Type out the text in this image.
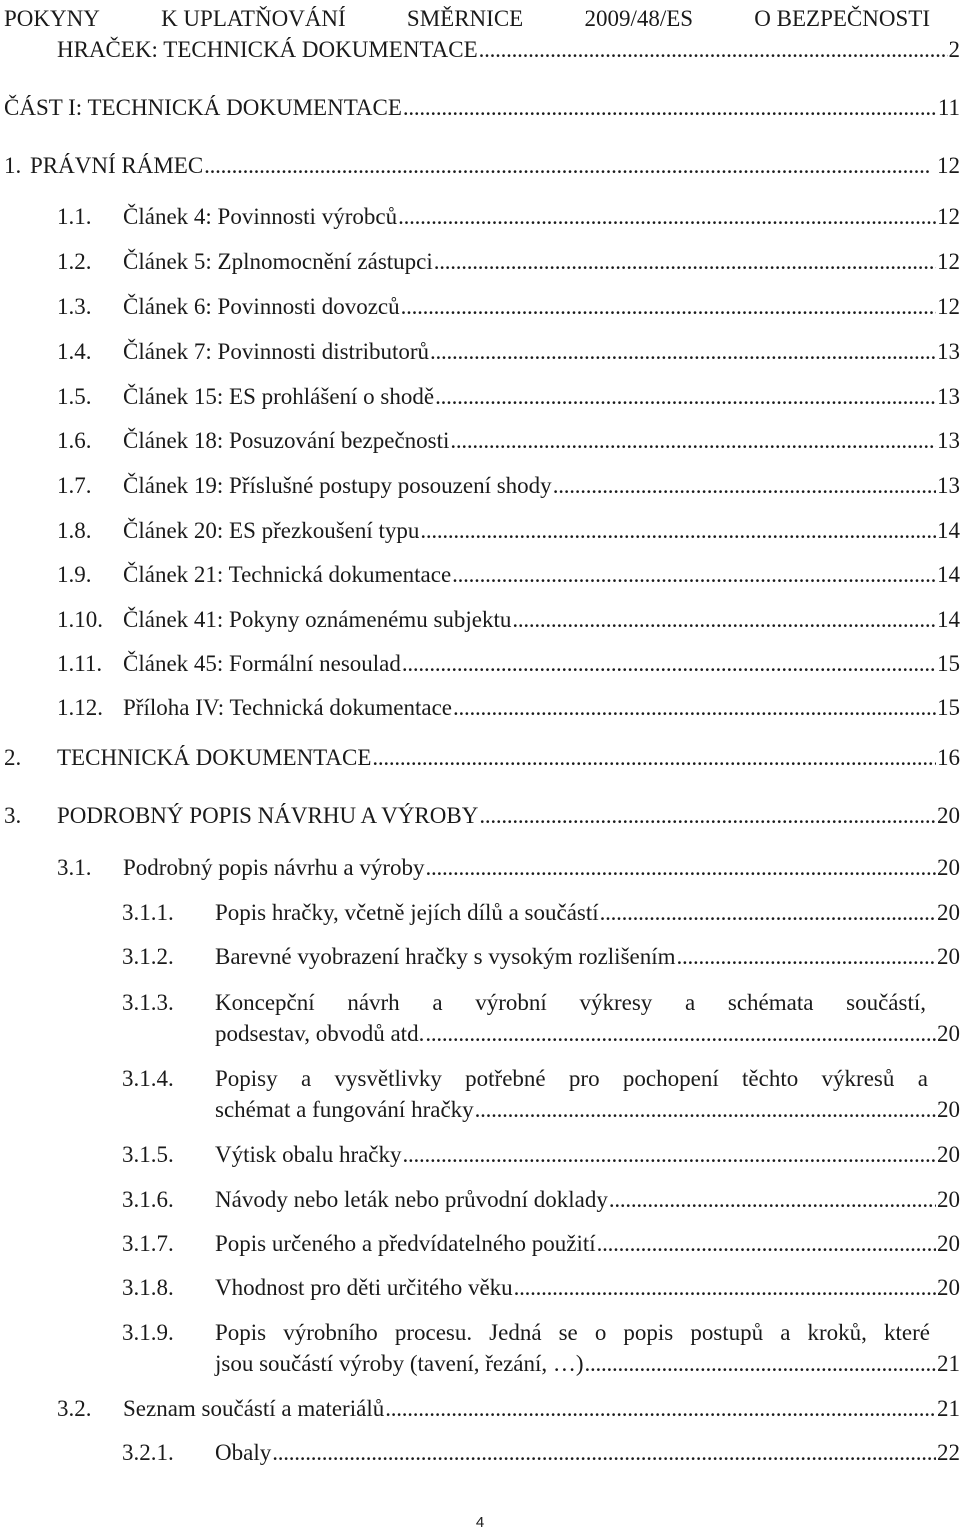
POKYNY	K UPLATŇOVÁNÍ	SMĚRNICE	2009/48/ES	O BEZPEČNOSTI
HRAČEK: TECHNICKÁ DOKUMENTACE . . .	2
ČÁST I: TECHNICKÁ DOKUMENTACE . . .	11
1. PRÁVNÍ RÁMEC . . .	12
1.1.	Článek 4: Povinnosti výrobců . . .	12
1.2.	Článek 5: Zplnomocnění zástupci . . .	12
1.3.	Článek 6: Povinnosti dovozců . . .	12
1.4.	Článek 7: Povinnosti distributorů . . .	13
1.5.	Článek 15: ES prohlášení o shodě . . .	13
1.6.	Článek 18: Posuzování bezpečnosti . . .	13
1.7.	Článek 19: Příslušné postupy posouzení shody . . .	13
1.8.	Článek 20: ES přezkoušení typu . . .	14
1.9.	Článek 21: Technická dokumentace . . .	14
1.10. Článek 41: Pokyny oznámenému subjektu . . .	14
1.11. Článek 45: Formální nesoulad . . .	15
1.12. Příloha IV: Technická dokumentace . . .	15
2.	TECHNICKÁ DOKUMENTACE . . .	16
3.	PODROBNÝ POPIS NÁVRHU A VÝROBY . . .	20
3.1.	Podrobný popis návrhu a výroby . . .	20
3.1.1.	Popis hračky, včetně jejích dílů a součástí . . .	20
3.1.2.	Barevné vyobrazení hračky s vysokým rozlišením . . .	20
3.1.3.	Koncepční návrh a výrobní výkresy a schémata součástí,
podsestav, obvodů atd. . . .	20
3.1.4.	Popisy a vysvětlivky potřebné pro pochopení těchto výkresů a
schémat a fungování hračky . . .	20
3.1.5.	Výtisk obalu hračky . . .	20
3.1.6.	Návody nebo leták nebo průvodní doklady . . .	20
3.1.7.	Popis určeného a předvídatelného použití . . .	20
3.1.8.	Vhodnost pro děti určitého věku . . .	20
3.1.9.	Popis výrobního procesu. Jedná se o popis postupů a kroků, které
jsou součástí výroby (tavení, řezání, …) . . .	21
3.2.	Seznam součástí a materiálů . . .	21
3.2.1.	Obaly . . .	22
4
